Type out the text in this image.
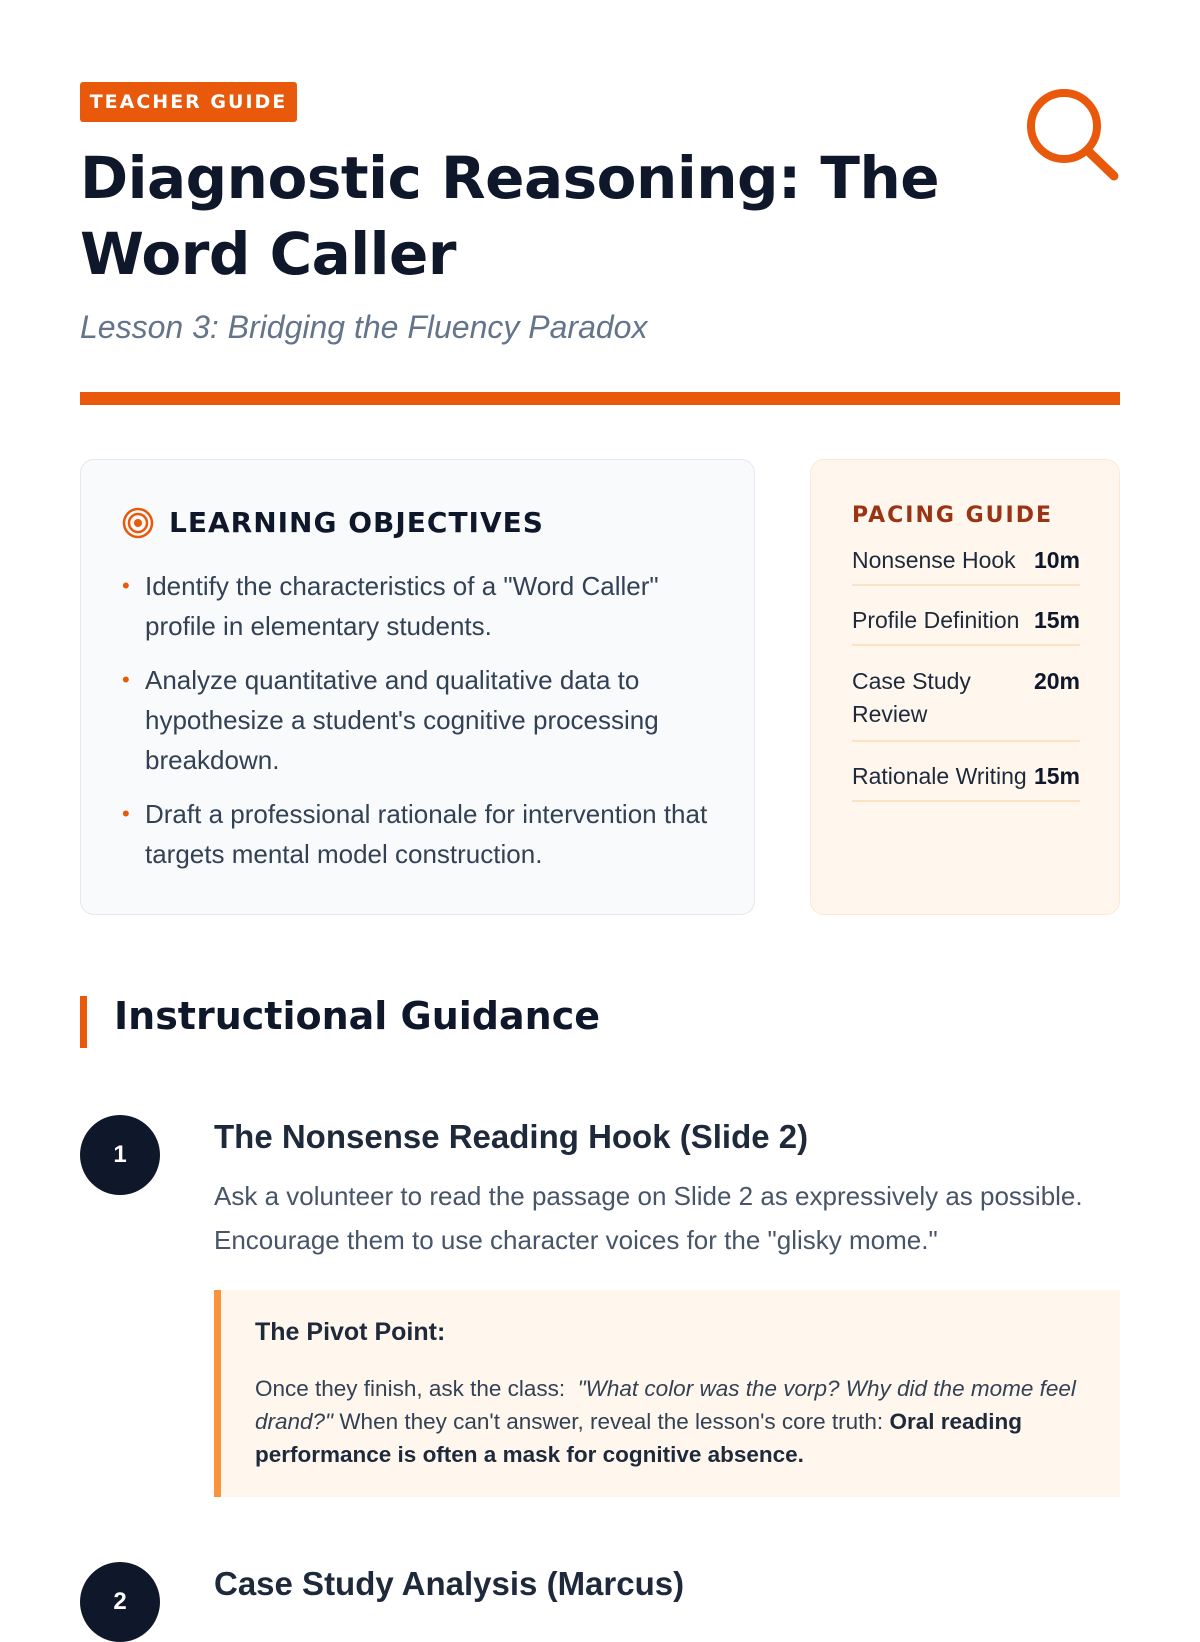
TEACHER GUIDE
Diagnostic Reasoning: The Word Caller
Lesson 3: Bridging the Fluency Paradox
LEARNING OBJECTIVES
• Identify the characteristics of a "Word Caller" profile in elementary students.
• Analyze quantitative and qualitative data to hypothesize a student's cognitive processing breakdown.
• Draft a professional rationale for intervention that targets mental model construction.
PACING GUIDE
Nonsense Hook 10m
Profile Definition 15m
Case Study Review
20m
Rationale Writing 15m
Instructional Guidance
1	The Nonsense Reading Hook (Slide 2)

Ask a volunteer to read the passage on Slide 2 as expressively as possible. Encourage them to use character voices for the "glisky mome."

The Pivot Point:

Once they finish, ask the class: "What color was the vorp? Why did the mome feel drand?" When they can't answer, reveal the lesson's core truth: Oral reading performance is often a mask for cognitive absence.

2	Case Study Analysis (Marcus)
